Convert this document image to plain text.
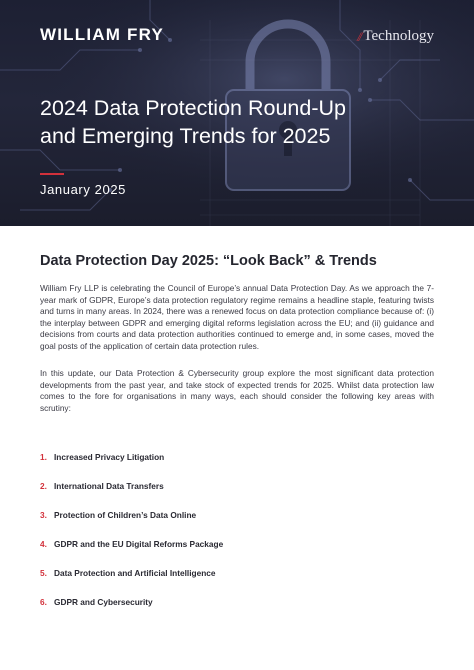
WILLIAM FRY	// Technology
2024 Data Protection Round-Up
and Emerging Trends for 2025
January 2025
Data Protection Day 2025: “Look Back” & Trends

William Fry LLP is celebrating the Council of Europe’s annual Data Protection Day. As we approach the 7-year mark of GDPR, Europe’s data protection regulatory regime remains a headline staple, featuring twists and turns in many areas. In 2024, there was a renewed focus on data protection compliance because of: (i) the interplay between GDPR and emerging digital reforms legislation across the EU; and (ii) guidance and decisions from courts and data protection authorities continued to emerge and, in some cases, moved the goal posts of the application of certain data protection rules.

In this update, our Data Protection & Cybersecurity group explore the most significant data protection developments from the past year, and take stock of expected trends for 2025. Whilst data protection law comes to the fore for organisations in many ways, each should consider the following key areas with scrutiny:

1. Increased Privacy Litigation
2. International Data Transfers
3. Protection of Children’s Data Online
4. GDPR and the EU Digital Reforms Package
5. Data Protection and Artificial Intelligence
6. GDPR and Cybersecurity
